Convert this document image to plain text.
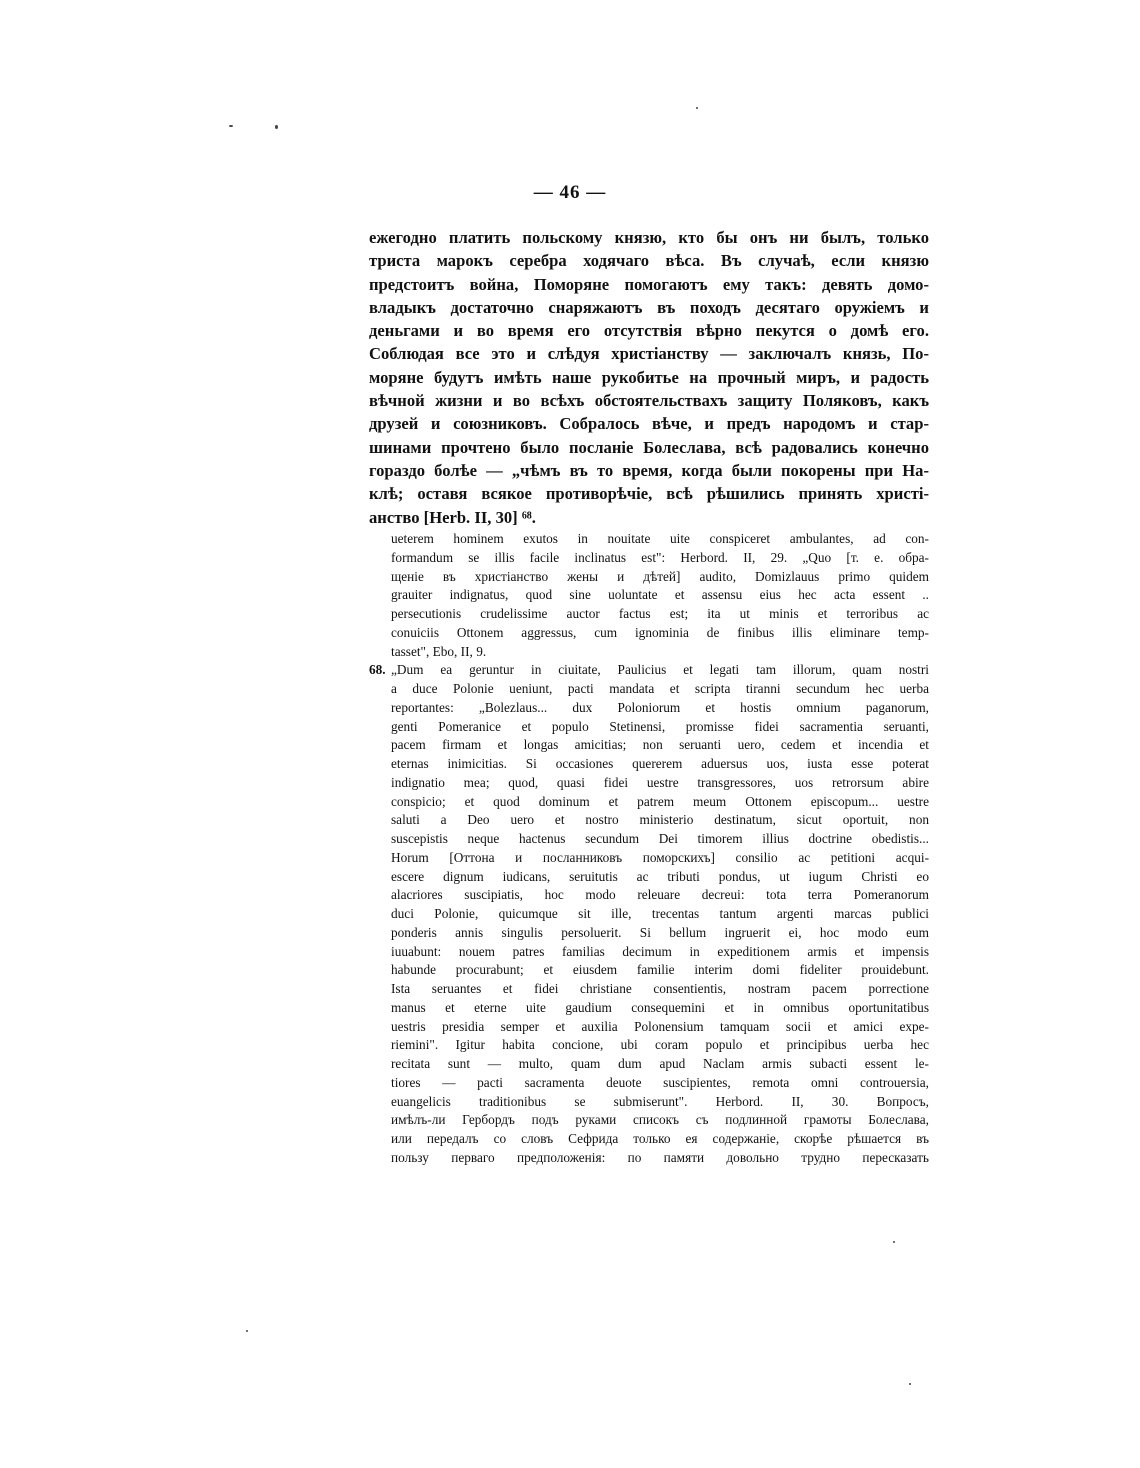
— 46 —
ежегодно платить польскому князю, кто бы онъ ни былъ, только
триста марокъ серебра ходячаго вѣса. Въ случаѣ, если князю
предстоитъ война, Поморяне помогаютъ ему такъ: девять домо-
владыкъ достаточно снаряжаютъ въ походъ десятаго оружіемъ и
деньгами и во время его отсутствія вѣрно пекутся о домѣ его.
Соблюдая все это и слѣдуя христіанству — заключалъ князь, По-
моряне будутъ имѣть наше рукобитье на прочный миръ, и радость
вѣчной жизни и во всѣхъ обстоятельствахъ защиту Поляковъ, какъ
друзей и союзниковъ. Собралось вѣче, и предъ народомъ и стар-
шинами прочтено было посланіе Болеслава, всѣ радовались конечно
гораздо болѣе — „чѣмъ въ то время, когда были покорены при На-
клѣ; оставя всякое противорѣчіе, всѣ рѣшились принять христі-
анство [Herb. II, 30] ⁶⁸.
ueterem hominem exutos in nouitate uite conspiceret ambulantes, ad con-
formandum se illis facile inclinatus est": Herbord. II, 29. „Quo [т. е. обра-
щеніе въ христіанство жены и дѣтей] audito, Domizlauus primo quidem
grauiter indignatus, quod sine uoluntate et assensu eius hec acta essent ..
persecutionis crudelissime auctor factus est; ita ut minis et terroribus ac
conuiciis Ottonem aggressus, cum ignominia de finibus illis eliminare temp-
tasset", Ebo, II, 9.
68. „Dum ea geruntur in ciuitate, Paulicius et legati tam illorum, quam nostri
a duce Polonie ueniunt, pacti mandata et scripta tiranni secundum hec uerba
reportantes: „Bolezlaus... dux Poloniorum et hostis omnium paganorum,
genti Pomeranice et populo Stetinensi, promisse fidei sacramentia seruanti,
pacem firmam et longas amicitias; non seruanti uero, cedem et incendia et
eternas inimicitias. Si occasiones quererem aduersus uos, iusta esse poterat
indignatio mea; quod, quasi fidei uestre transgressores, uos retrorsum abire
conspicio; et quod dominum et patrem meum Ottonem episcopum... uestre
saluti a Deo uero et nostro ministerio destinatum, sicut oportuit, non
suscepistis neque hactenus secundum Dei timorem illius doctrine obedistis...
Horum [Оттона и посланниковъ поморскихъ] consilio ac petitioni acqui-
escere dignum iudicans, seruitutis ac tributi pondus, ut iugum Christi eo
alacriores suscipiatis, hoc modo releuare decreui: tota terra Pomeranorum
duci Polonie, quicumque sit ille, trecentas tantum argenti marcas publici
ponderis annis singulis persoluerit. Si bellum ingruerit ei, hoc modo eum
iuuabunt: nouem patres familias decimum in expeditionem armis et impensis
habunde procurabunt; et eiusdem familie interim domi fideliter prouidebunt.
Ista seruantes et fidei christiane consentientis, nostram pacem porrectione
manus et eterne uite gaudium consequemini et in omnibus oportunitatibus
uestris presidia semper et auxilia Polonensium tamquam socii et amici expe-
riemini". Igitur habita concione, ubi coram populo et principibus uerba hec
recitata sunt — multo, quam dum apud Naclam armis subacti essent le-
tiores — pacti sacramenta deuote suscipientes, remota omni controuersia,
euangelicis traditionibus se submiserunt". Herbord. II, 30. Вопросъ,
имѣлъ-ли Гербордъ подъ руками списокъ съ подлинной грамоты Болеслава,
или передалъ со словъ Сефрида только ея содержаніе, скорѣе рѣшается въ
пользу перваго предположенія: по памяти довольно трудно пересказать
